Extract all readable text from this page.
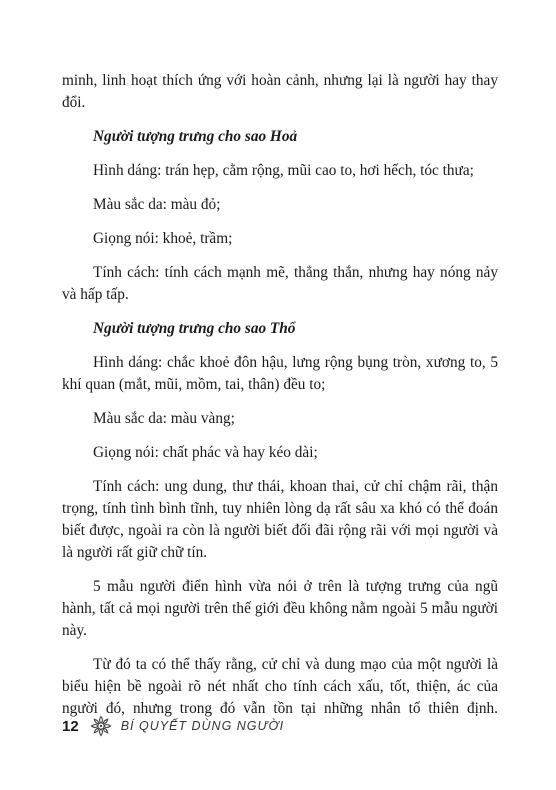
minh, linh hoạt thích ứng với hoàn cảnh, nhưng lại là người hay thay đổi.

Người tượng trưng cho sao Hoả

Hình dáng: trán hẹp, cằm rộng, mũi cao to, hơi hếch, tóc thưa;

Màu sắc da: màu đỏ;

Giọng nói: khoẻ, trầm;

Tính cách: tính cách mạnh mẽ, thẳng thắn, nhưng hay nóng nảy và hấp tấp.

Người tượng trưng cho sao Thổ

Hình dáng: chắc khoẻ đôn hậu, lưng rộng bụng tròn, xương to, 5 khí quan (mắt, mũi, mồm, tai, thân) đều to;

Màu sắc da: màu vàng;

Giọng nói: chất phác và hay kéo dài;

Tính cách: ung dung, thư thái, khoan thai, cử chỉ chậm rãi, thận trọng, tính tình bình tĩnh, tuy nhiên lòng dạ rất sâu xa khó có thể đoán biết được, ngoài ra còn là người biết đối đãi rộng rãi với mọi người và là người rất giữ chữ tín.

5 mẫu người điển hình vừa nói ở trên là tượng trưng của ngũ hành, tất cả mọi người trên thế giới đều không nằm ngoài 5 mẫu người này.

Từ đó ta có thể thấy rằng, cử chỉ và dung mạo của một người là biểu hiện bề ngoài rõ nét nhất cho tính cách xấu, tốt, thiện, ác của người đó, nhưng trong đó vẫn tồn tại những nhân tố thiên định.

12	BÍ QUYẾT DÙNG NGƯỜI
